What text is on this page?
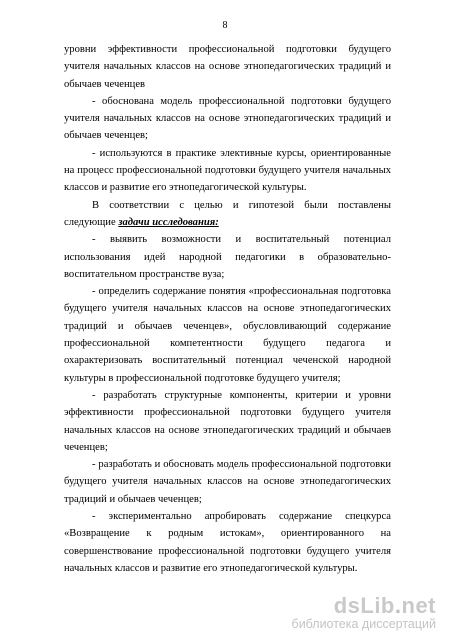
8

уровни эффективности профессиональной подготовки будущего учителя начальных классов на основе этнопедагогических традиций и обычаев чеченцев

- обоснована модель профессиональной подготовки будущего учителя начальных классов на основе этнопедагогических традиций и обычаев чеченцев;

- используются в практике элективные курсы, ориентированные на процесс профессиональной подготовки будущего учителя начальных классов и развитие его этнопедагогической культуры.

В соответствии с целью и гипотезой были поставлены следующие задачи исследования:

- выявить возможности и воспитательный потенциал использования идей народной педагогики в образовательно-воспитательном пространстве вуза;

- определить содержание понятия «профессиональная подготовка будущего учителя начальных классов на основе этнопедагогических традиций и обычаев чеченцев», обусловливающий содержание профессиональной компетентности будущего педагога и охарактеризовать воспитательный потенциал чеченской народной культуры в профессиональной подготовке будущего учителя;

- разработать структурные компоненты, критерии и уровни эффективности профессиональной подготовки будущего учителя начальных классов на основе этнопедагогических традиций и обычаев чеченцев;

- разработать и обосновать модель профессиональной подготовки будущего учителя начальных классов на основе этнопедагогических традиций и обычаев чеченцев;

- экспериментально апробировать содержание спецкурса «Возвращение к родным истокам», ориентированного на совершенствование профессиональной подготовки будущего учителя начальных классов и развитие его этнопедагогической культуры.

dsLib.net
библиотека диссертаций
